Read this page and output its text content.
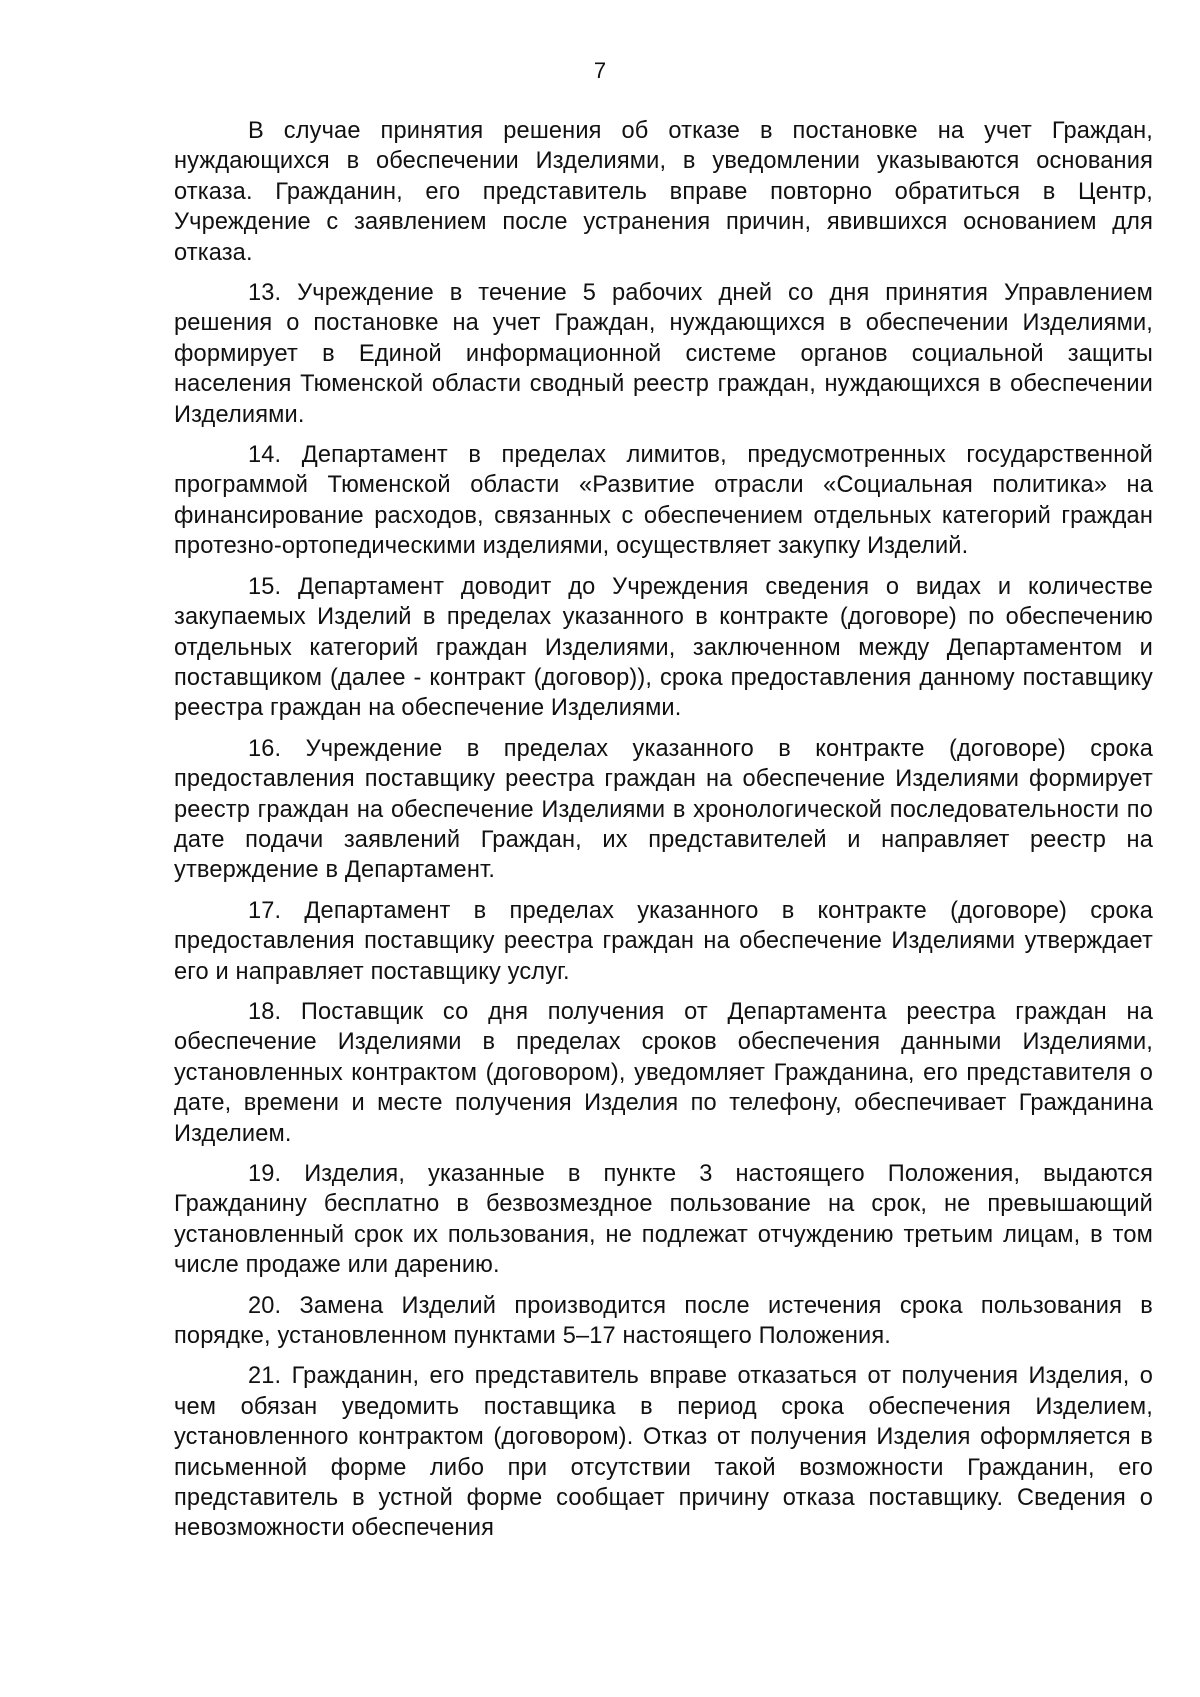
7

В случае принятия решения об отказе в постановке на учет Граждан, нуждающихся в обеспечении Изделиями, в уведомлении указываются основания отказа. Гражданин, его представитель вправе повторно обратиться в Центр, Учреждение с заявлением после устранения причин, явившихся основанием для отказа.

13. Учреждение в течение 5 рабочих дней со дня принятия Управлением решения о постановке на учет Граждан, нуждающихся в обеспечении Изделиями, формирует в Единой информационной системе органов социальной защиты населения Тюменской области сводный реестр граждан, нуждающихся в обеспечении Изделиями.

14. Департамент в пределах лимитов, предусмотренных государственной программой Тюменской области «Развитие отрасли «Социальная политика» на финансирование расходов, связанных с обеспечением отдельных категорий граждан протезно-ортопедическими изделиями, осуществляет закупку Изделий.

15. Департамент доводит до Учреждения сведения о видах и количестве закупаемых Изделий в пределах указанного в контракте (договоре) по обеспечению отдельных категорий граждан Изделиями, заключенном между Департаментом и поставщиком (далее - контракт (договор)), срока предоставления данному поставщику реестра граждан на обеспечение Изделиями.

16. Учреждение в пределах указанного в контракте (договоре) срока предоставления поставщику реестра граждан на обеспечение Изделиями формирует реестр граждан на обеспечение Изделиями в хронологической последовательности по дате подачи заявлений Граждан, их представителей и направляет реестр на утверждение в Департамент.

17. Департамент в пределах указанного в контракте (договоре) срока предоставления поставщику реестра граждан на обеспечение Изделиями утверждает его и направляет поставщику услуг.

18. Поставщик со дня получения от Департамента реестра граждан на обеспечение Изделиями в пределах сроков обеспечения данными Изделиями, установленных контрактом (договором), уведомляет Гражданина, его представителя о дате, времени и месте получения Изделия по телефону, обеспечивает Гражданина Изделием.

19. Изделия, указанные в пункте 3 настоящего Положения, выдаются Гражданину бесплатно в безвозмездное пользование на срок, не превышающий установленный срок их пользования, не подлежат отчуждению третьим лицам, в том числе продаже или дарению.

20. Замена Изделий производится после истечения срока пользования в порядке, установленном пунктами 5–17 настоящего Положения.

21. Гражданин, его представитель вправе отказаться от получения Изделия, о чем обязан уведомить поставщика в период срока обеспечения Изделием, установленного контрактом (договором). Отказ от получения Изделия оформляется в письменной форме либо при отсутствии такой возможности Гражданин, его представитель в устной форме сообщает причину отказа поставщику. Сведения о невозможности обеспечения
